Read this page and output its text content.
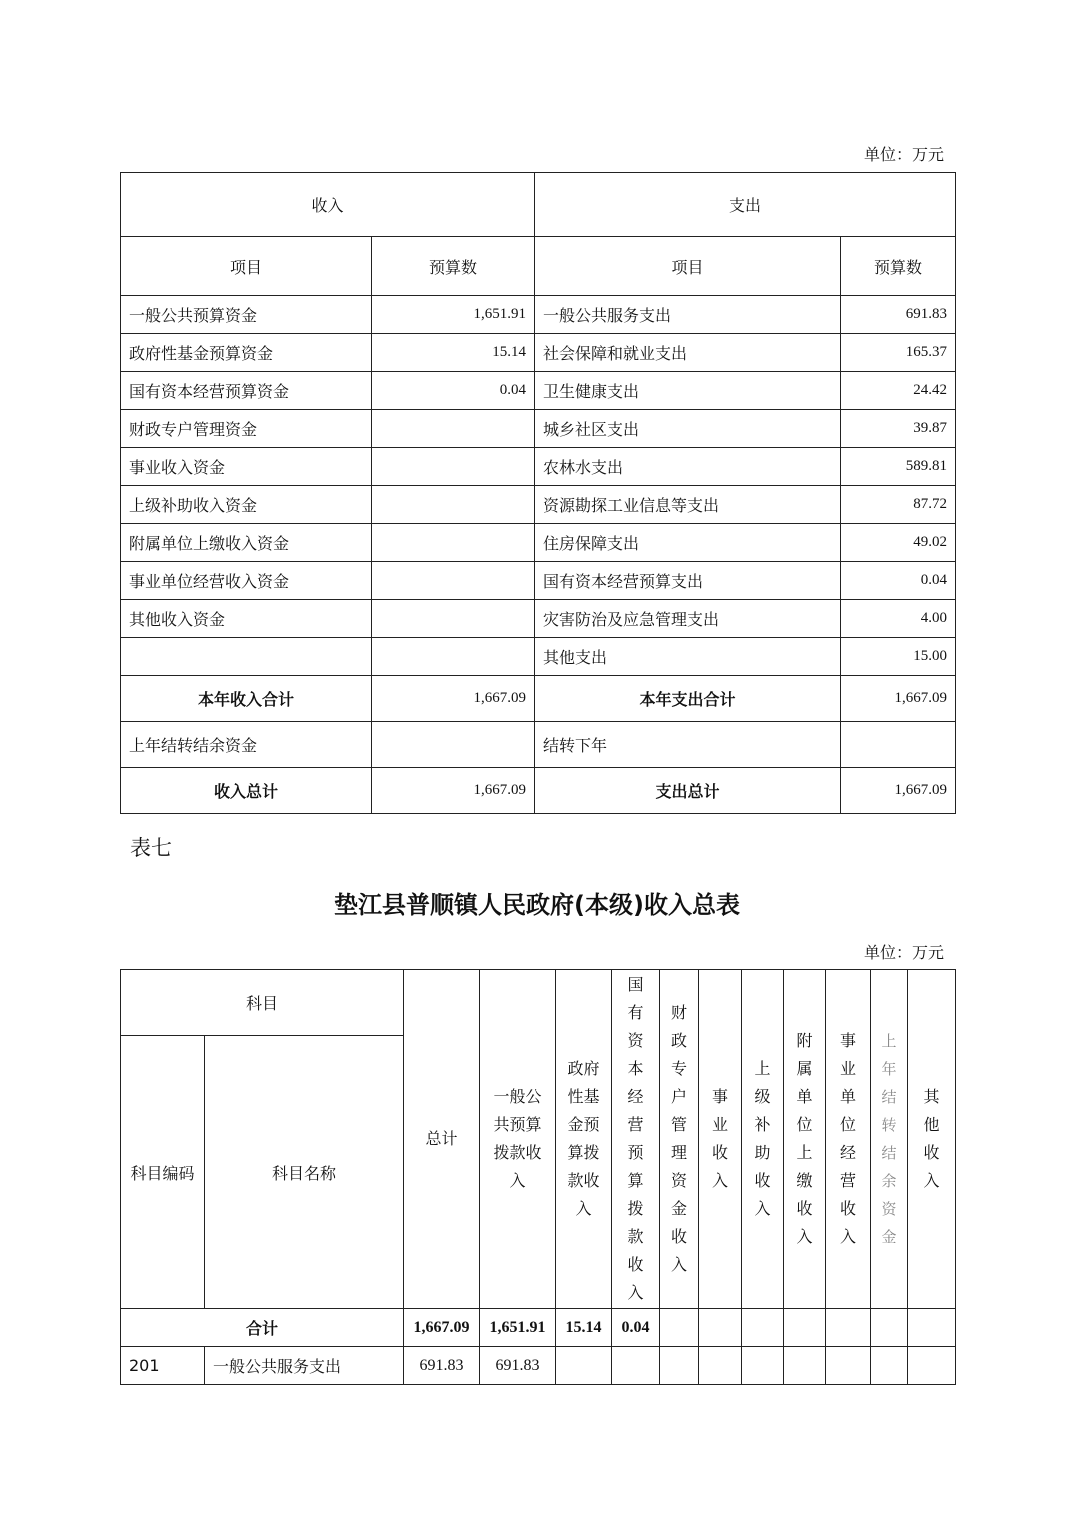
单位：万元
收入		支出	
项目	预算数	项目	预算数
一般公共预算资金	1,651.91	一般公共服务支出	691.83
政府性基金预算资金	15.14	社会保障和就业支出	165.37
国有资本经营预算资金	0.04	卫生健康支出	24.42
财政专户管理资金		城乡社区支出	39.87
事业收入资金		农林水支出	589.81
上级补助收入资金		资源勘探工业信息等支出	87.72
附属单位上缴收入资金		住房保障支出	49.02
事业单位经营收入资金		国有资本经营预算支出	0.04
其他收入资金		灾害防治及应急管理支出	4.00
		其他支出	15.00
本年收入合计	1,667.09	本年支出合计	1,667.09
上年结转结余资金		结转下年	
收入总计	1,667.09	支出总计	1,667.09
表七
垫江县普顺镇人民政府(本级)收入总表
单位：万元
科目		总计	一般公共预算拨款收入	政府性基金预算拨款收入	国有资本经营预算拨款收入	财政专户管理资金收入	事业收入	上级补助收入	附属单位上缴收入	事业单位经营收入	上年结转结余资金	其他收入

科目编码	科目名称											
合计		1,667.09	1,651.91	15.14	0.04							
201	一般公共服务支出	691.83	691.83									
